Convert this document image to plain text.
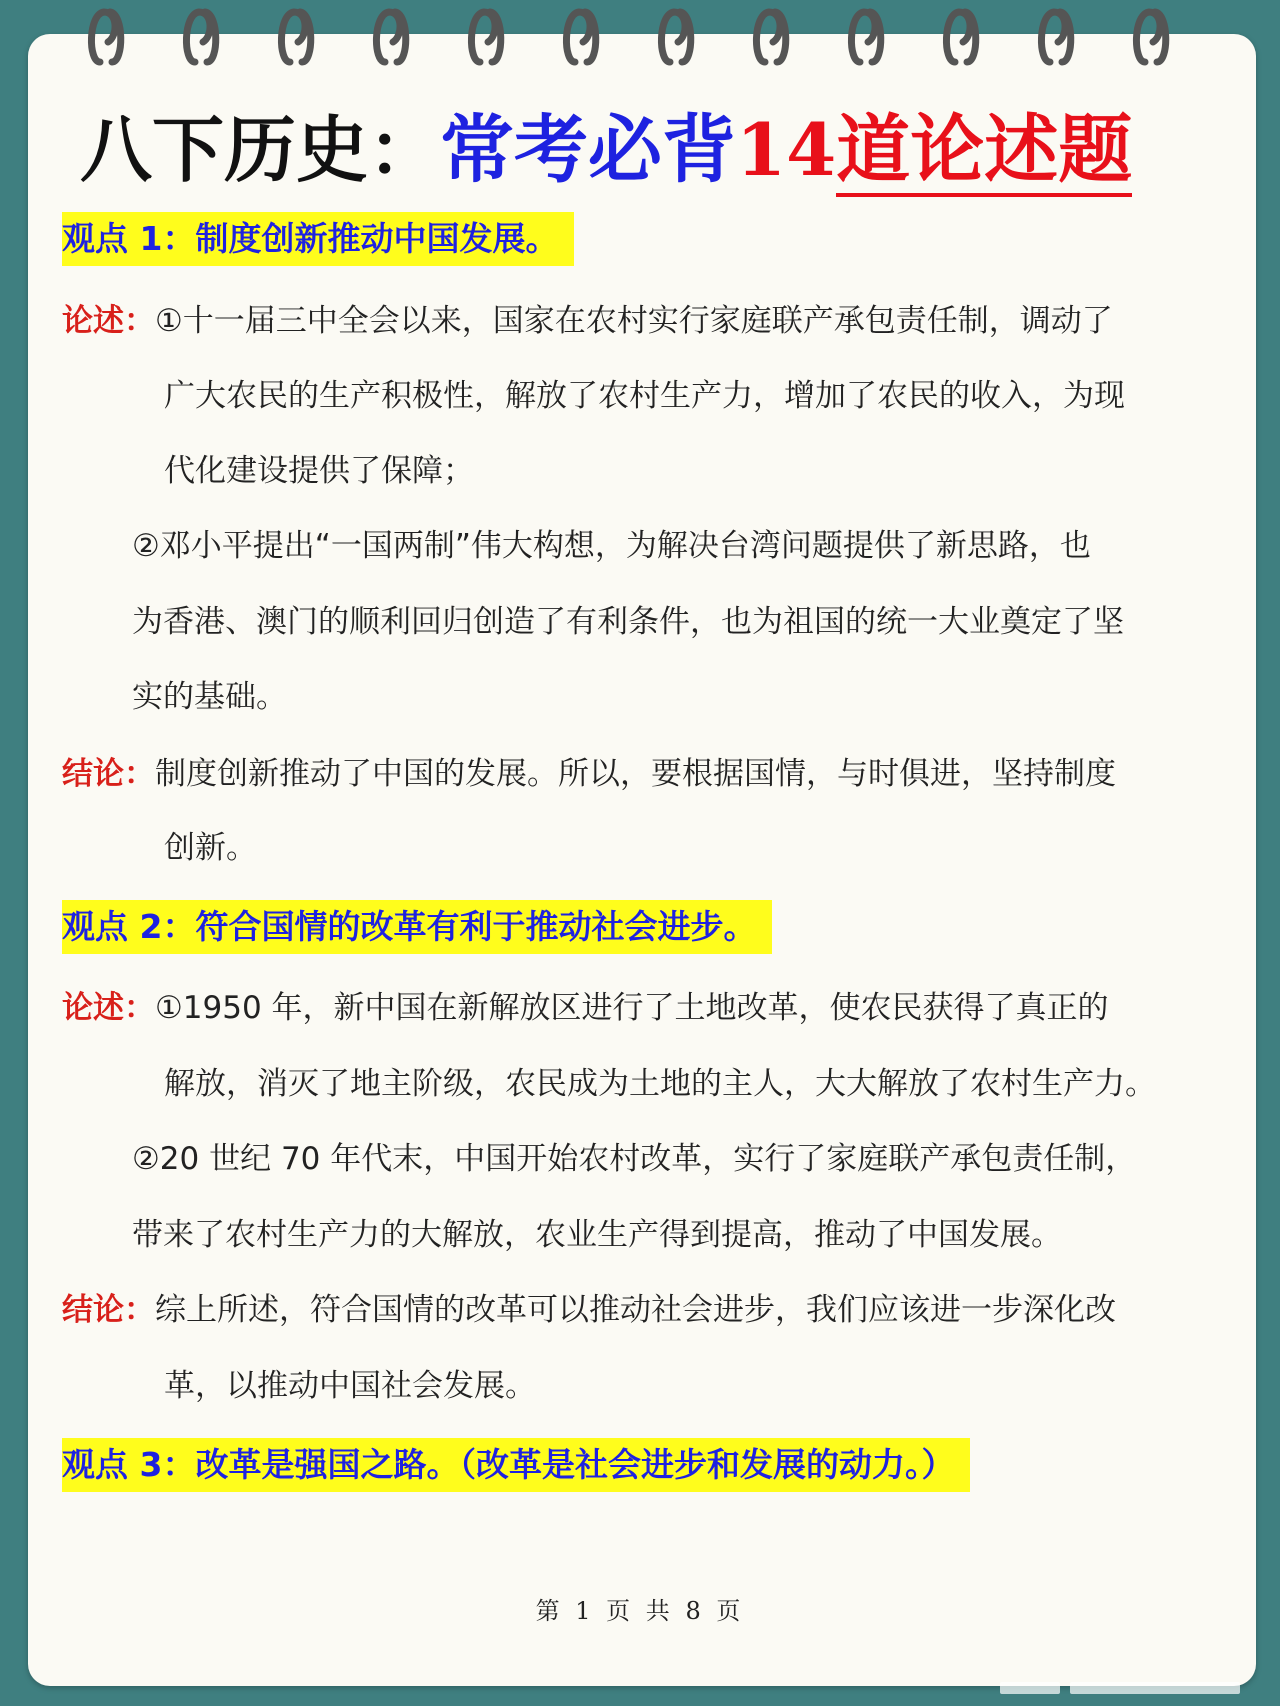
八下历史：常考必背14道论述题
观点 1：制度创新推动中国发展。
论述：①十一届三中全会以来，国家在农村实行家庭联产承包责任制，调动了
广大农民的生产积极性，解放了农村生产力，增加了农民的收入，为现
代化建设提供了保障；
②邓小平提出“一国两制”伟大构想，为解决台湾问题提供了新思路，也
为香港、澳门的顺利回归创造了有利条件，也为祖国的统一大业奠定了坚
实的基础。
结论：制度创新推动了中国的发展。所以，要根据国情，与时俱进，坚持制度
创新。
观点 2：符合国情的改革有利于推动社会进步。
论述：①1950 年，新中国在新解放区进行了土地改革，使农民获得了真正的
解放，消灭了地主阶级，农民成为土地的主人，大大解放了农村生产力。
②20 世纪 70 年代末，中国开始农村改革，实行了家庭联产承包责任制，
带来了农村生产力的大解放，农业生产得到提高，推动了中国发展。
结论：综上所述，符合国情的改革可以推动社会进步，我们应该进一步深化改
革，以推动中国社会发展。
观点 3：改革是强国之路。（改革是社会进步和发展的动力。）
第 1 页 共 8 页
